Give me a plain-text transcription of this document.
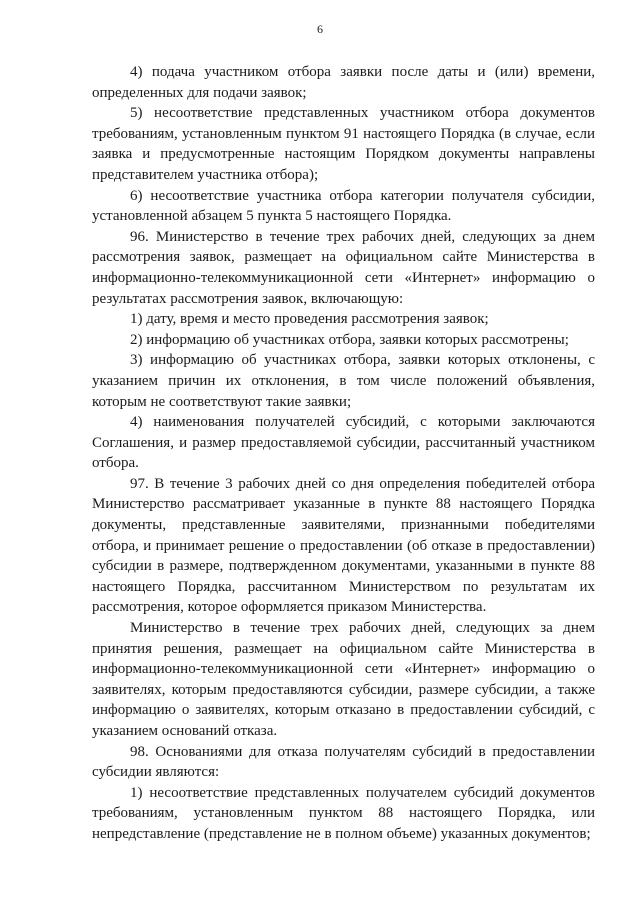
6

4) подача участником отбора заявки после даты и (или) времени, определенных для подачи заявок;

5) несоответствие представленных участником отбора документов требованиям, установленным пунктом 91 настоящего Порядка (в случае, если заявка и предусмотренные настоящим Порядком документы направлены представителем участника отбора);

6) несоответствие участника отбора категории получателя субсидии, установленной абзацем 5 пункта 5 настоящего Порядка.

96. Министерство в течение трех рабочих дней, следующих за днем рассмотрения заявок, размещает на официальном сайте Министерства в информационно-телекоммуникационной сети «Интернет» информацию о результатах рассмотрения заявок, включающую:

1) дату, время и место проведения рассмотрения заявок;

2) информацию об участниках отбора, заявки которых рассмотрены;

3) информацию об участниках отбора, заявки которых отклонены, с указанием причин их отклонения, в том числе положений объявления, которым не соответствуют такие заявки;

4) наименования получателей субсидий, с которыми заключаются Соглашения, и размер предоставляемой субсидии, рассчитанный участником отбора.

97. В течение 3 рабочих дней со дня определения победителей отбора Министерство рассматривает указанные в пункте 88 настоящего Порядка документы, представленные заявителями, признанными победителями отбора, и принимает решение о предоставлении (об отказе в предоставлении) субсидии в размере, подтвержденном документами, указанными в пункте 88 настоящего Порядка, рассчитанном Министерством по результатам их рассмотрения, которое оформляется приказом Министерства.

Министерство в течение трех рабочих дней, следующих за днем принятия решения, размещает на официальном сайте Министерства в информационно-телекоммуникационной сети «Интернет» информацию о заявителях, которым предоставляются субсидии, размере субсидии, а также информацию о заявителях, которым отказано в предоставлении субсидий, с указанием оснований отказа.

98. Основаниями для отказа получателям субсидий в предоставлении субсидии являются:

1) несоответствие представленных получателем субсидий документов требованиям, установленным пунктом 88 настоящего Порядка, или непредставление (представление не в полном объеме) указанных документов;
